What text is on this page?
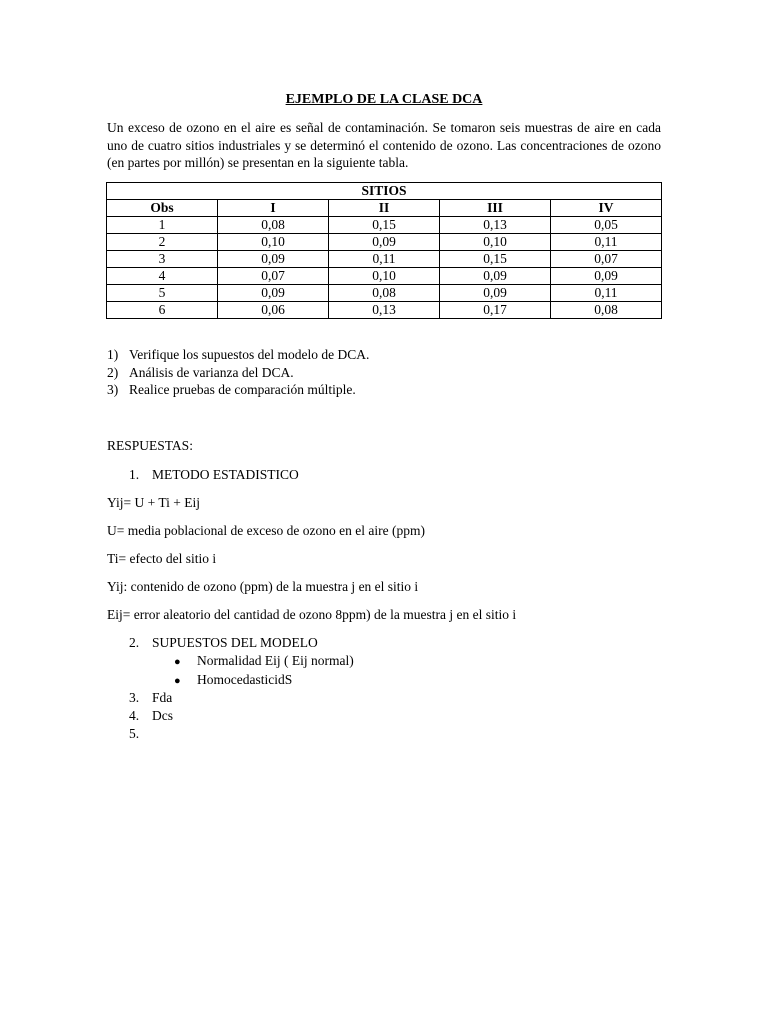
EJEMPLO DE LA CLASE DCA

Un exceso de ozono en el aire es señal de contaminación. Se tomaron seis muestras de aire en cada uno de cuatro sitios industriales y se determinó el contenido de ozono. Las concentraciones de ozono (en partes por millón) se presentan en la siguiente tabla.

SITIOS				
Obs	I	II	III	IV
1	0,08	0,15	0,13	0,05
2	0,10	0,09	0,10	0,11
3	0,09	0,11	0,15	0,07
4	0,07	0,10	0,09	0,09
5	0,09	0,08	0,09	0,11
6	0,06	0,13	0,17	0,08
1) Verifique los supuestos del modelo de DCA.
2) Análisis de varianza del DCA.
3) Realice pruebas de comparación múltiple.
RESPUESTAS:
1. METODO ESTADISTICO
Yij= U + Ti + Eij
U= media poblacional de exceso de ozono en el aire (ppm)
Ti= efecto del sitio i
Yij: contenido de ozono (ppm) de la muestra j en el sitio i
Eij= error aleatorio del cantidad de ozono 8ppm) de la muestra j en el sitio i
2. SUPUESTOS DEL MODELO
● Normalidad Eij ( Eij normal)
● HomocedasticidS
3. Fda
4. Dcs
5.
